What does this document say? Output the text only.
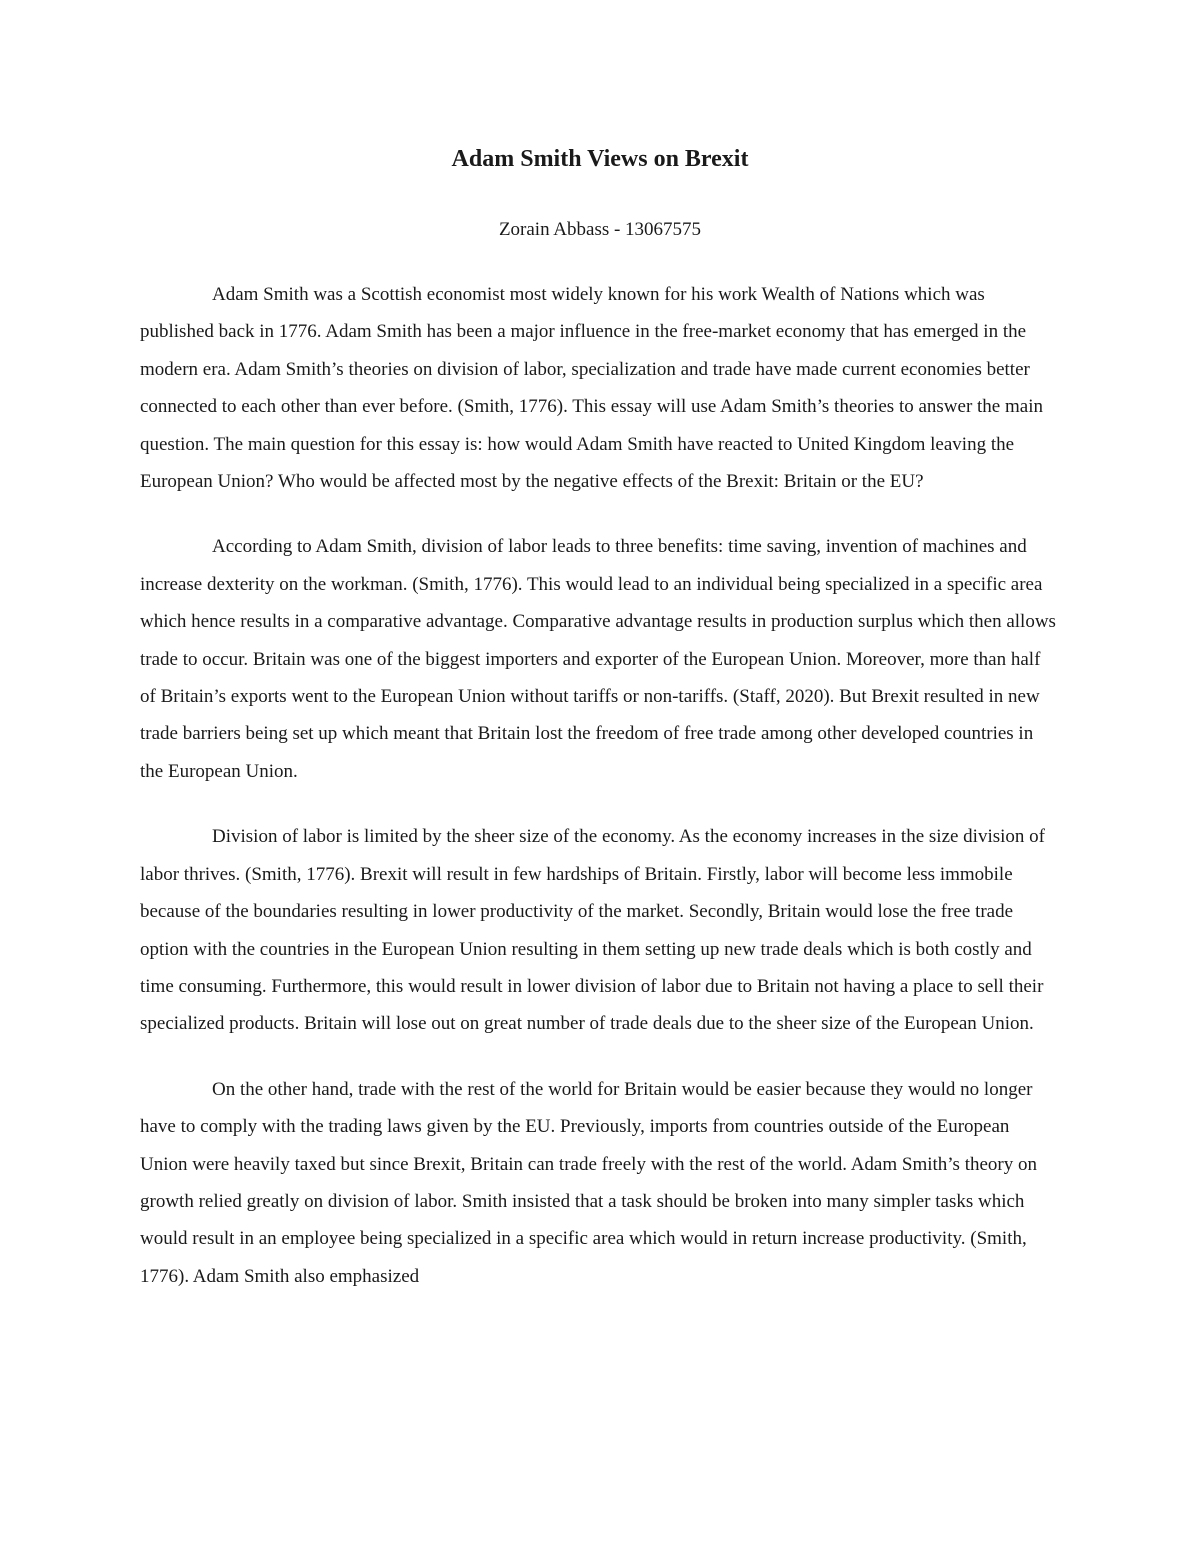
Adam Smith Views on Brexit
Zorain Abbass - 13067575

Adam Smith was a Scottish economist most widely known for his work Wealth of Nations which was published back in 1776. Adam Smith has been a major influence in the free-market economy that has emerged in the modern era. Adam Smith’s theories on division of labor, specialization and trade have made current economies better connected to each other than ever before. (Smith, 1776). This essay will use Adam Smith’s theories to answer the main question. The main question for this essay is: how would Adam Smith have reacted to United Kingdom leaving the European Union? Who would be affected most by the negative effects of the Brexit: Britain or the EU?

According to Adam Smith, division of labor leads to three benefits: time saving, invention of machines and increase dexterity on the workman. (Smith, 1776). This would lead to an individual being specialized in a specific area which hence results in a comparative advantage. Comparative advantage results in production surplus which then allows trade to occur. Britain was one of the biggest importers and exporter of the European Union. Moreover, more than half of Britain’s exports went to the European Union without tariffs or non-tariffs. (Staff, 2020). But Brexit resulted in new trade barriers being set up which meant that Britain lost the freedom of free trade among other developed countries in the European Union.

Division of labor is limited by the sheer size of the economy. As the economy increases in the size division of labor thrives. (Smith, 1776). Brexit will result in few hardships of Britain. Firstly, labor will become less immobile because of the boundaries resulting in lower productivity of the market. Secondly, Britain would lose the free trade option with the countries in the European Union resulting in them setting up new trade deals which is both costly and time consuming. Furthermore, this would result in lower division of labor due to Britain not having a place to sell their specialized products. Britain will lose out on great number of trade deals due to the sheer size of the European Union.

On the other hand, trade with the rest of the world for Britain would be easier because they would no longer have to comply with the trading laws given by the EU. Previously, imports from countries outside of the European Union were heavily taxed but since Brexit, Britain can trade freely with the rest of the world. Adam Smith’s theory on growth relied greatly on division of labor. Smith insisted that a task should be broken into many simpler tasks which would result in an employee being specialized in a specific area which would in return increase productivity. (Smith, 1776). Adam Smith also emphasized
